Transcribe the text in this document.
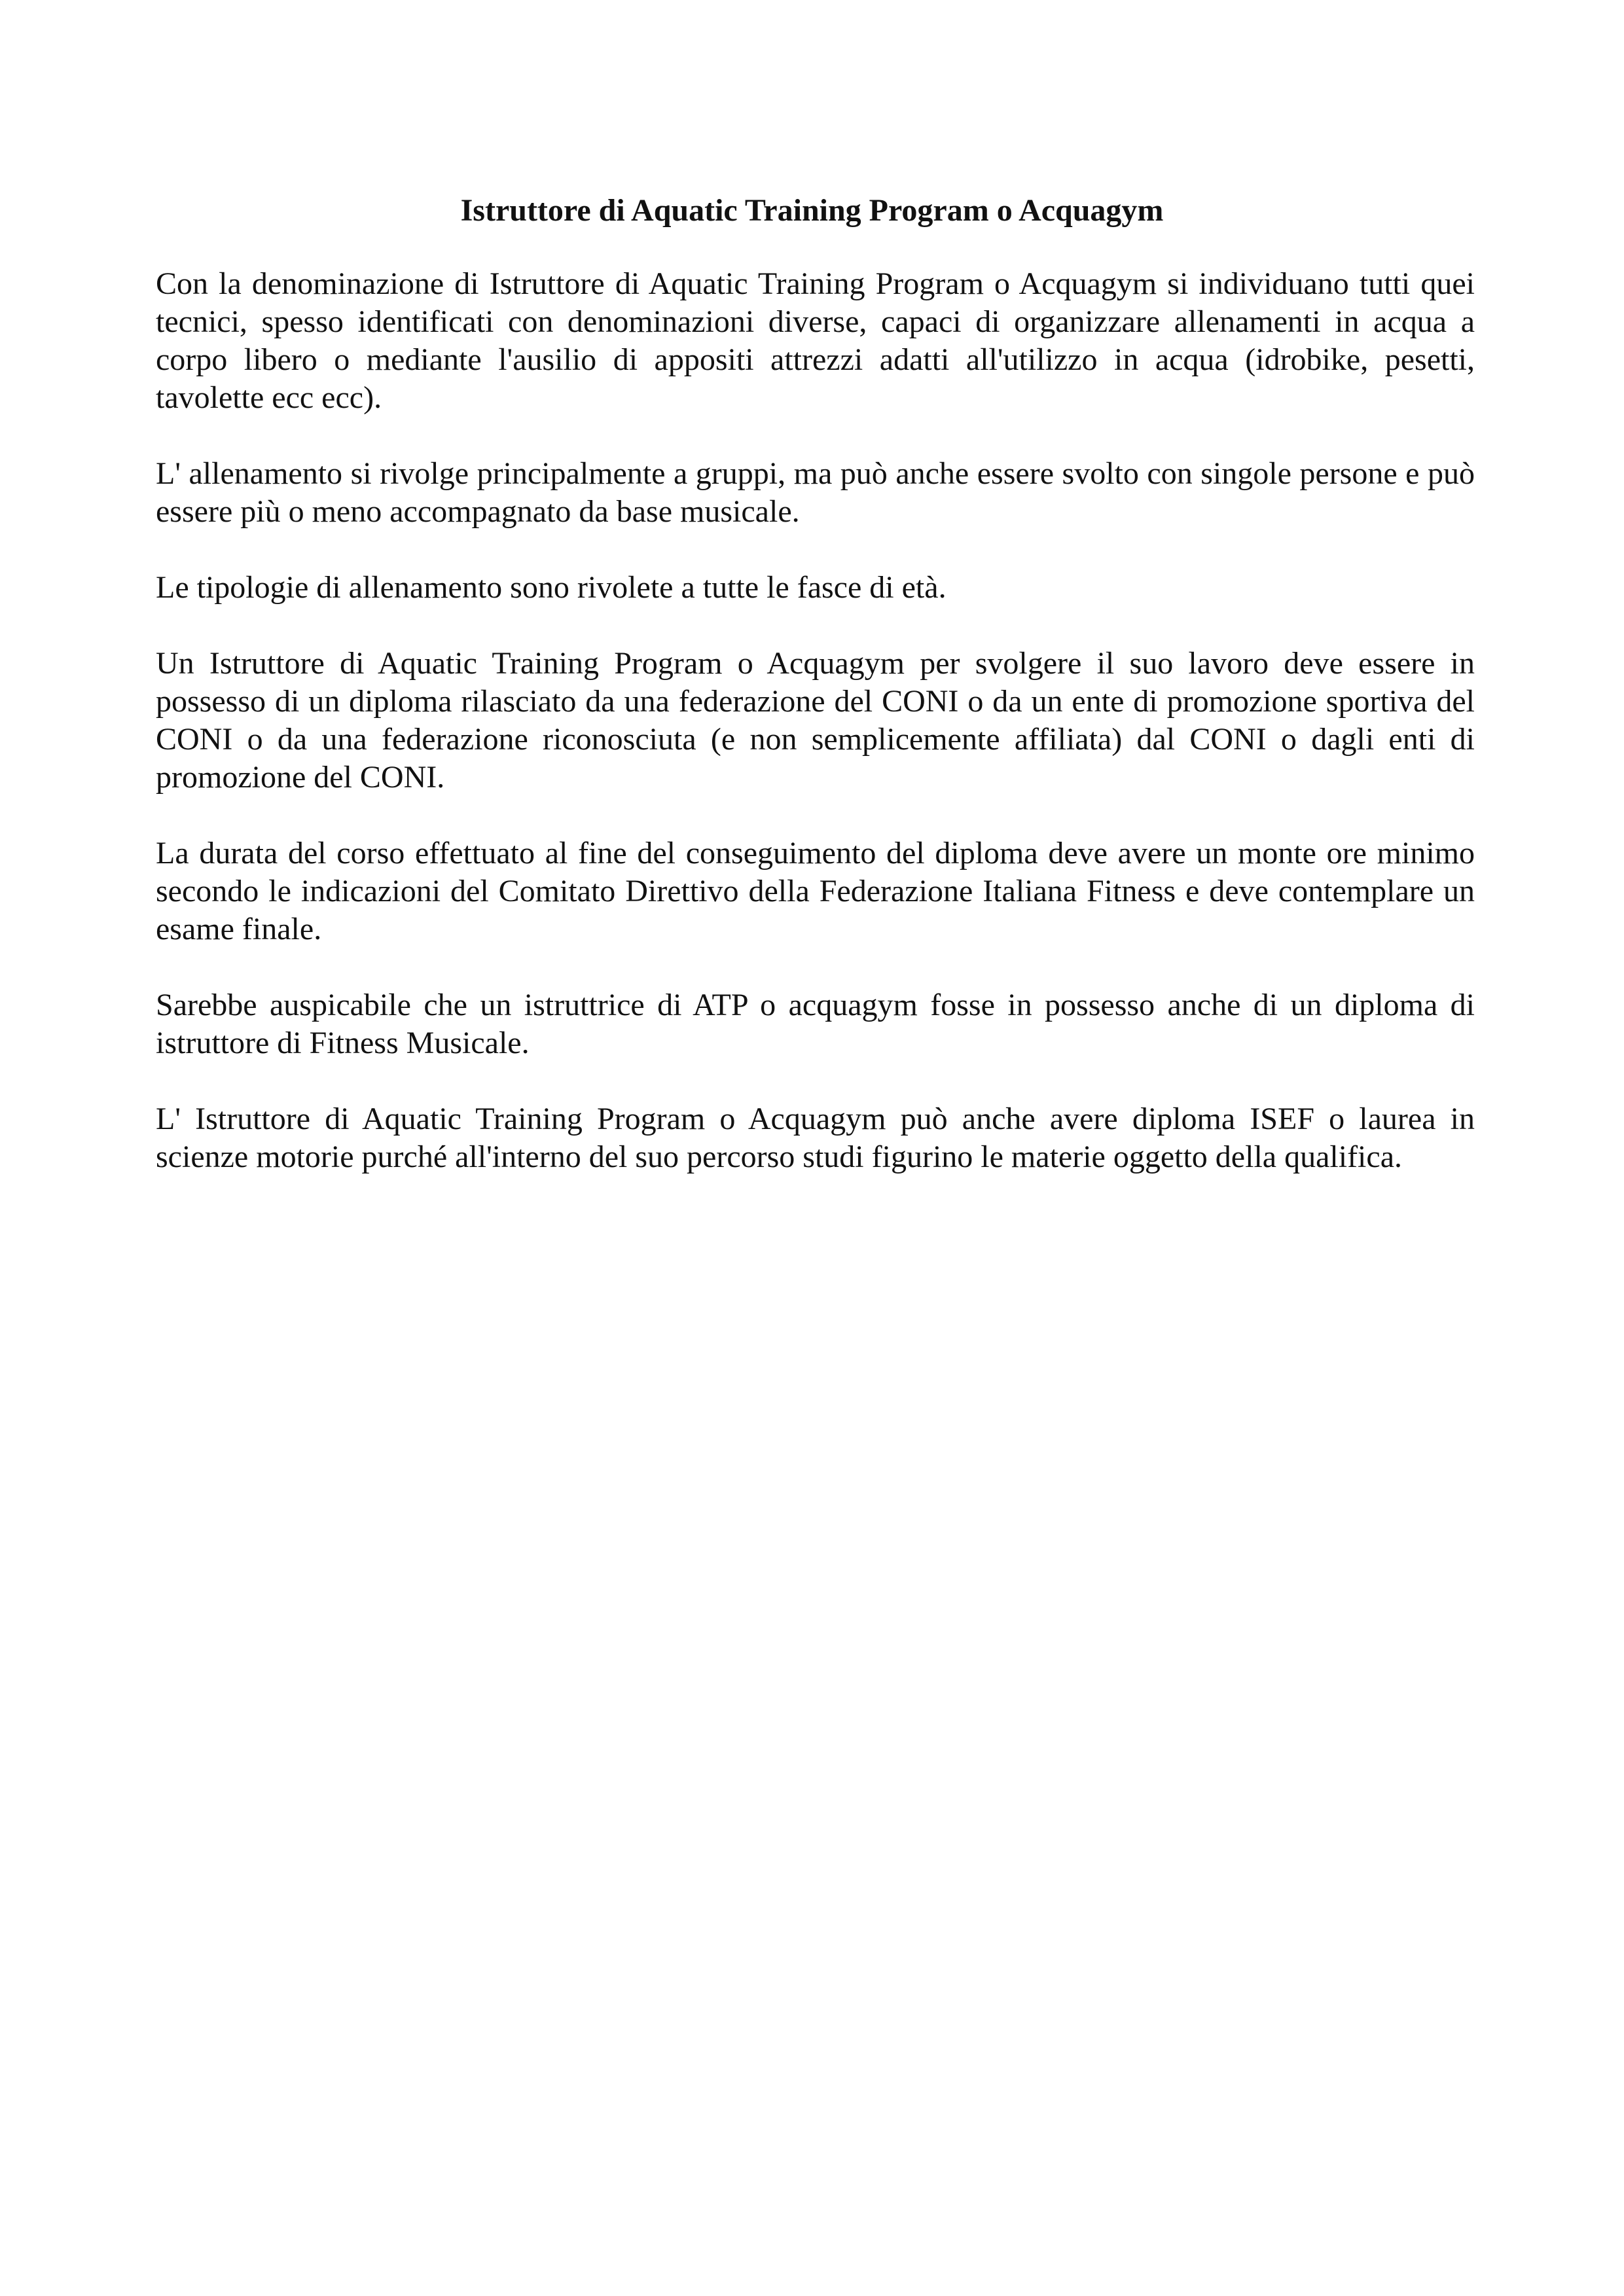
Istruttore di Aquatic Training Program o Acquagym

Con la denominazione di Istruttore di Aquatic Training Program o Acquagym si individuano tutti quei tecnici, spesso identificati con denominazioni diverse, capaci di organizzare allenamenti in acqua a corpo libero o mediante l'ausilio di appositi attrezzi adatti all'utilizzo in acqua (idrobike, pesetti, tavolette ecc ecc).

L' allenamento si rivolge principalmente a gruppi, ma può anche essere svolto con singole persone e può essere più o meno accompagnato da base musicale.

Le tipologie di allenamento sono rivolete a tutte le fasce di età.

Un Istruttore di Aquatic Training Program o Acquagym per svolgere il suo lavoro deve essere in possesso di un diploma rilasciato da una federazione del CONI o da un ente di promozione sportiva del CONI o da una federazione riconosciuta (e non semplicemente affiliata) dal CONI o dagli enti di promozione del CONI.

La durata del corso effettuato al fine del conseguimento del diploma deve avere un monte ore minimo secondo le indicazioni del Comitato Direttivo della Federazione Italiana Fitness e deve contemplare un esame finale.

Sarebbe auspicabile che un istruttrice di ATP o acquagym fosse in possesso anche di un diploma di istruttore di Fitness Musicale.

L' Istruttore di Aquatic Training Program o Acquagym può anche avere diploma ISEF o laurea in scienze motorie purché all'interno del suo percorso studi figurino le materie oggetto della qualifica.
